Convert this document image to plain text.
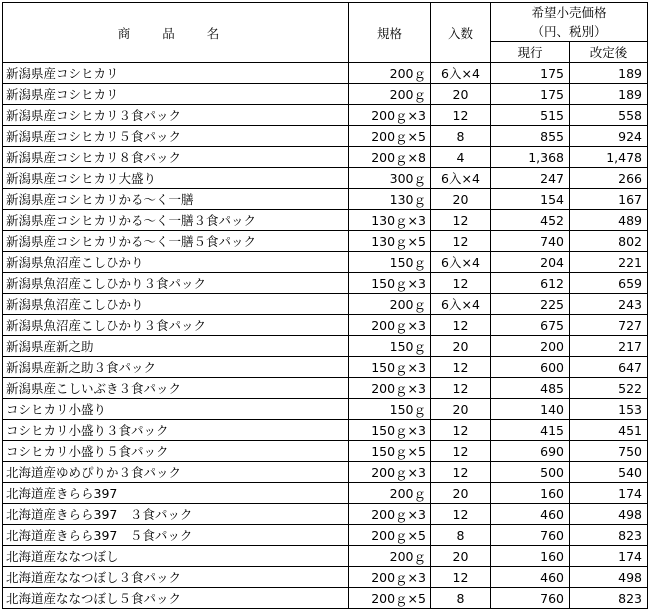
商 品 名	規格	入数	希望小売価格
（円、税別）	

			現行	改定後
新潟県産コシヒカリ	200ｇ	6入×4	175	189
新潟県産コシヒカリ	200ｇ	20	175	189
新潟県産コシヒカリ３食パック	200ｇ×3	12	515	558
新潟県産コシヒカリ５食パック	200ｇ×5	8	855	924
新潟県産コシヒカリ８食パック	200ｇ×8	4	1,368	1,478
新潟県産コシヒカリ大盛り	300ｇ	6入×4	247	266
新潟県産コシヒカリかる～く一膳	130ｇ	20	154	167
新潟県産コシヒカリかる～く一膳３食パック	130ｇ×3	12	452	489
新潟県産コシヒカリかる～く一膳５食パック	130ｇ×5	12	740	802
新潟県魚沼産こしひかり	150ｇ	6入×4	204	221
新潟県魚沼産こしひかり３食パック	150ｇ×3	12	612	659
新潟県魚沼産こしひかり	200ｇ	6入×4	225	243
新潟県魚沼産こしひかり３食パック	200ｇ×3	12	675	727
新潟県産新之助	150ｇ	20	200	217
新潟県産新之助３食パック	150ｇ×3	12	600	647
新潟県産こしいぶき３食パック	200ｇ×3	12	485	522
コシヒカリ小盛り	150ｇ	20	140	153
コシヒカリ小盛り３食パック	150ｇ×3	12	415	451
コシヒカリ小盛り５食パック	150ｇ×5	12	690	750
北海道産ゆめぴりか３食パック	200ｇ×3	12	500	540
北海道産きらら397	200ｇ	20	160	174
北海道産きらら397　３食パック	200ｇ×3	12	460	498
北海道産きらら397　５食パック	200ｇ×5	8	760	823
北海道産ななつぼし	200ｇ	20	160	174
北海道産ななつぼし３食パック	200ｇ×3	12	460	498
北海道産ななつぼし５食パック	200ｇ×5	8	760	823
